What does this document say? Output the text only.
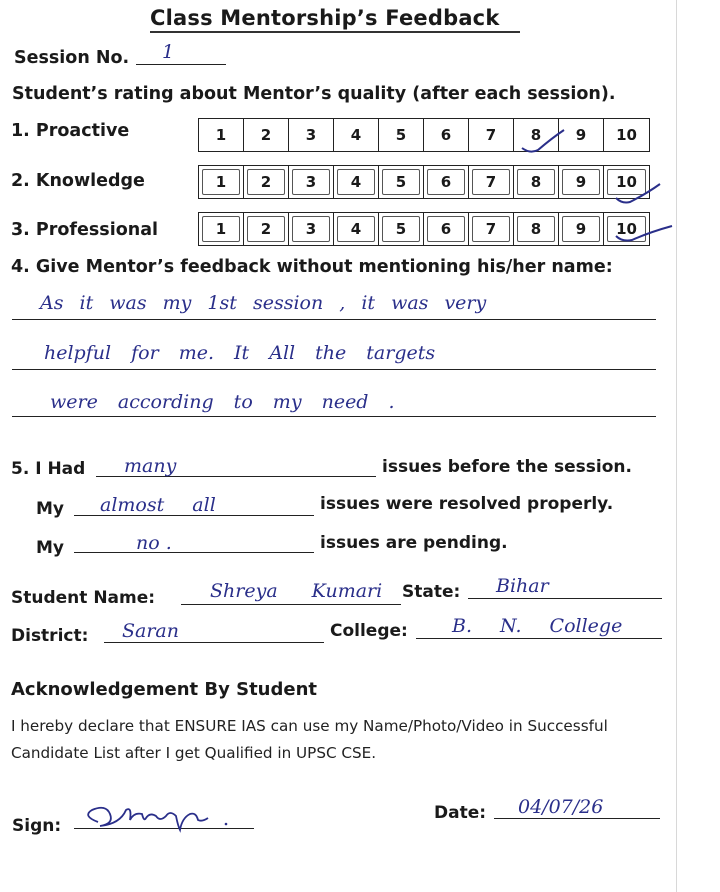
Class Mentorship’s Feedback
Session No. 1
Student’s rating about Mentor’s quality (after each session).
1. Proactive	1 2 3 4 5 6 7 8 9 10
2. Knowledge	1 2 3 4 5 6 7 8 9 10
3. Professional	1 2 3 4 5 6 7 8 9 10
4. Give Mentor’s feedback without mentioning his/her name:
As it was my 1st session , it was very
helpful for me. It All the targets
were according to my need .
5. I Had many	issues before the session.
My almost all	issues were resolved properly.
My	no .	issues are pending.
Student Name:	Shreya Kumari State: Bihar
District: Saran	College: B. N. College
Acknowledgement By Student
I hereby declare that ENSURE IAS can use my Name/Photo/Video in Successful Candidate List after I get Qualified in UPSC CSE.
Sign:
Date: 04/07/26
